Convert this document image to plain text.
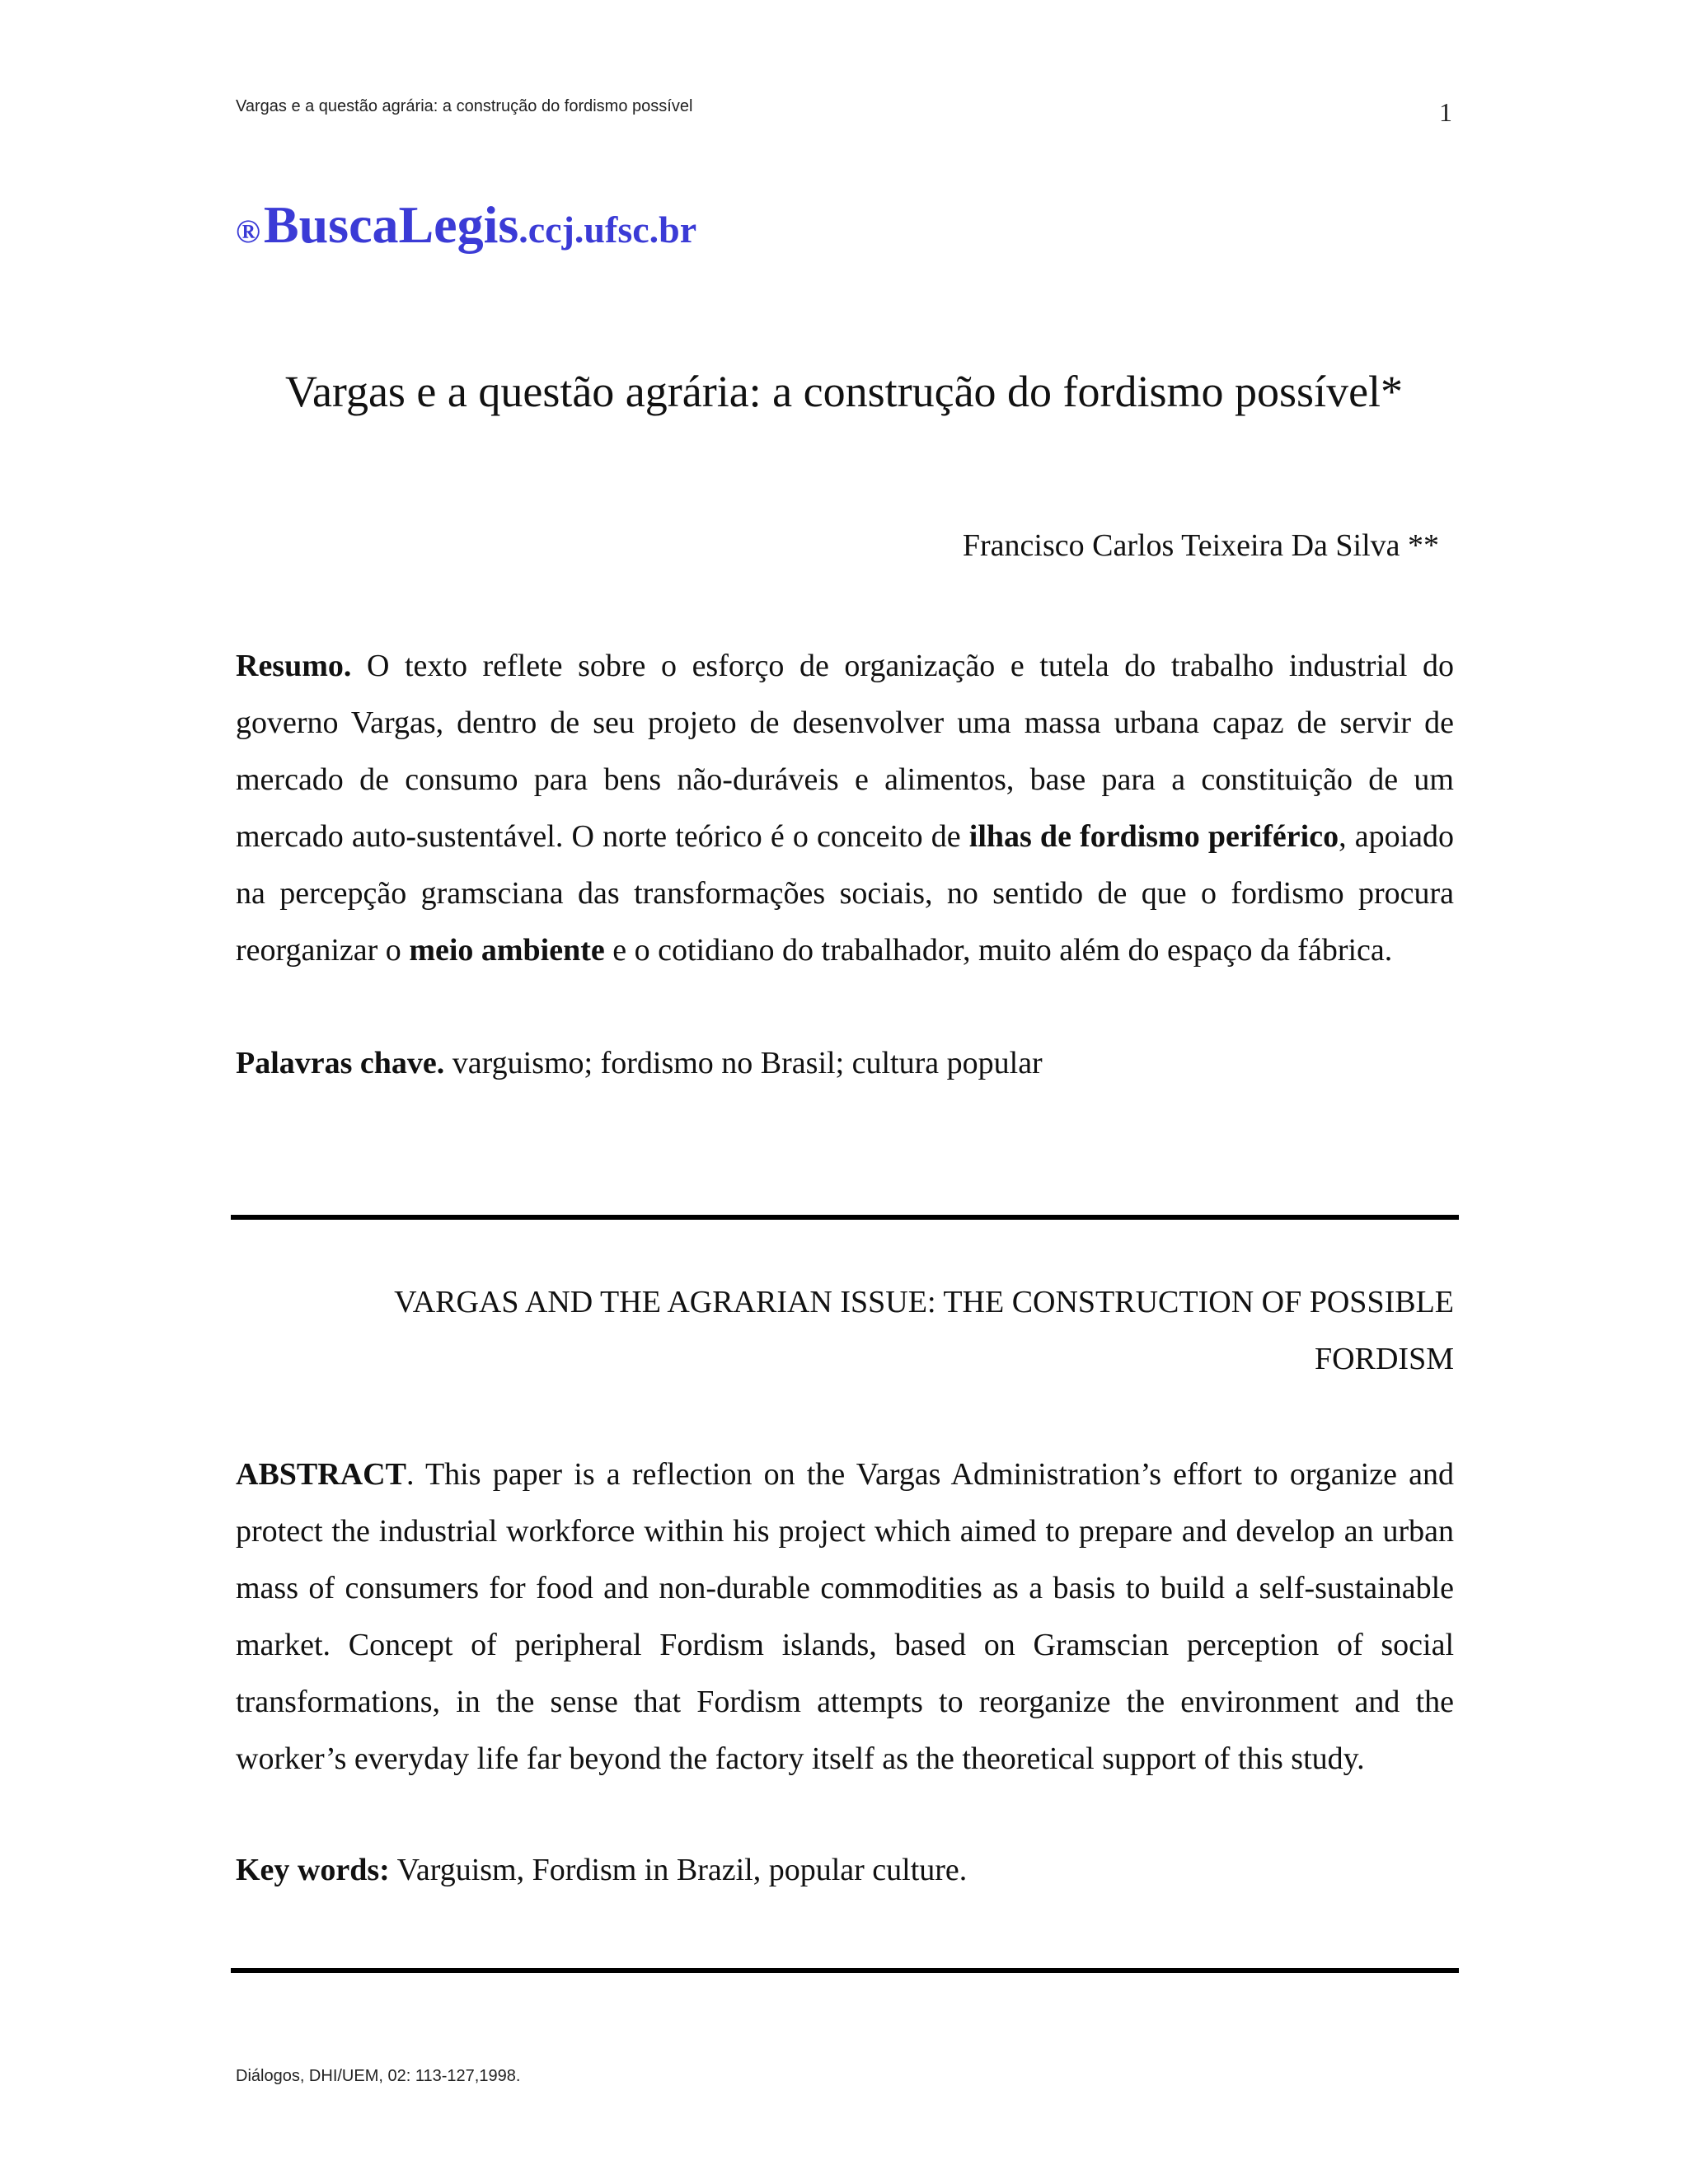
Vargas e a questão agrária: a construção do fordismo possível	1
® BuscaLegis.ccj.ufsc.br
Vargas e a questão agrária: a construção do fordismo possível*
Francisco Carlos Teixeira Da Silva **

Resumo. O texto reflete sobre o esforço de organização e tutela do trabalho industrial do governo Vargas, dentro de seu projeto de desenvolver uma massa urbana capaz de servir de mercado de consumo para bens não-duráveis e alimentos, base para a constituição de um mercado auto-sustentável. O norte teórico é o conceito de ilhas de fordismo periférico, apoiado na percepção gramsciana das transformações sociais, no sentido de que o fordismo procura reorganizar o meio ambiente e o cotidiano do trabalhador, muito além do espaço da fábrica.

Palavras chave. varguismo; fordismo no Brasil; cultura popular
VARGAS AND THE AGRARIAN ISSUE: THE CONSTRUCTION OF POSSIBLE
FORDISM

ABSTRACT. This paper is a reflection on the Vargas Administration’s effort to organize and protect the industrial workforce within his project which aimed to prepare and develop an urban mass of consumers for food and non-durable commodities as a basis to build a self-sustainable market. Concept of peripheral Fordism islands, based on Gramscian perception of social transformations, in the sense that Fordism attempts to reorganize the environment and the worker’s everyday life far beyond the factory itself as the theoretical support of this study.

Key words: Varguism, Fordism in Brazil, popular culture.
Diálogos, DHI/UEM, 02: 113-127,1998.
